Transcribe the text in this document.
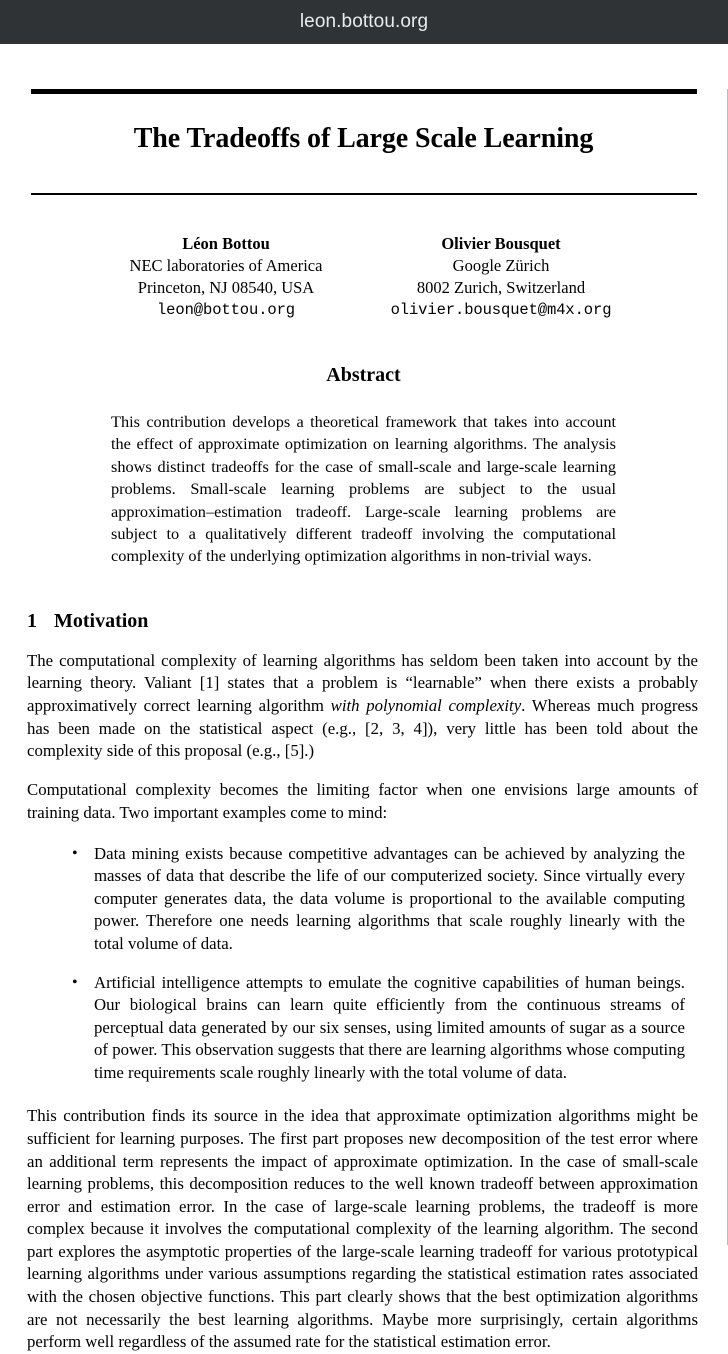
leon.bottou.org
The Tradeoffs of Large Scale Learning
Léon Bottou
NEC laboratories of America
Princeton, NJ 08540, USA
leon@bottou.org
Olivier Bousquet
Google Zürich
8002 Zurich, Switzerland
olivier.bousquet@m4x.org
Abstract

This contribution develops a theoretical framework that takes into account the effect of approximate optimization on learning algorithms. The analysis shows distinct tradeoffs for the case of small-scale and large-scale learning problems. Small-scale learning problems are subject to the usual approximation–estimation tradeoff. Large-scale learning problems are subject to a qualitatively different tradeoff involving the computational complexity of the underlying optimization algorithms in non-trivial ways.

1 Motivation

The computational complexity of learning algorithms has seldom been taken into account by the learning theory. Valiant [1] states that a problem is “learnable” when there exists a probably approximatively correct learning algorithm with polynomial complexity. Whereas much progress has been made on the statistical aspect (e.g., [2, 3, 4]), very little has been told about the complexity side of this proposal (e.g., [5].)

Computational complexity becomes the limiting factor when one envisions large amounts of training data. Two important examples come to mind:

• Data mining exists because competitive advantages can be achieved by analyzing the masses of data that describe the life of our computerized society. Since virtually every computer generates data, the data volume is proportional to the available computing power. Therefore one needs learning algorithms that scale roughly linearly with the total volume of data.
• Artificial intelligence attempts to emulate the cognitive capabilities of human beings. Our biological brains can learn quite efficiently from the continuous streams of perceptual data generated by our six senses, using limited amounts of sugar as a source of power. This observation suggests that there are learning algorithms whose computing time requirements scale roughly linearly with the total volume of data.

This contribution finds its source in the idea that approximate optimization algorithms might be sufficient for learning purposes. The first part proposes new decomposition of the test error where an additional term represents the impact of approximate optimization. In the case of small-scale learning problems, this decomposition reduces to the well known tradeoff between approximation error and estimation error. In the case of large-scale learning problems, the tradeoff is more complex because it involves the computational complexity of the learning algorithm. The second part explores the asymptotic properties of the large-scale learning tradeoff for various prototypical learning algorithms under various assumptions regarding the statistical estimation rates associated with the chosen objective functions. This part clearly shows that the best optimization algorithms are not necessarily the best learning algorithms. Maybe more surprisingly, certain algorithms perform well regardless of the assumed rate for the statistical estimation error.
